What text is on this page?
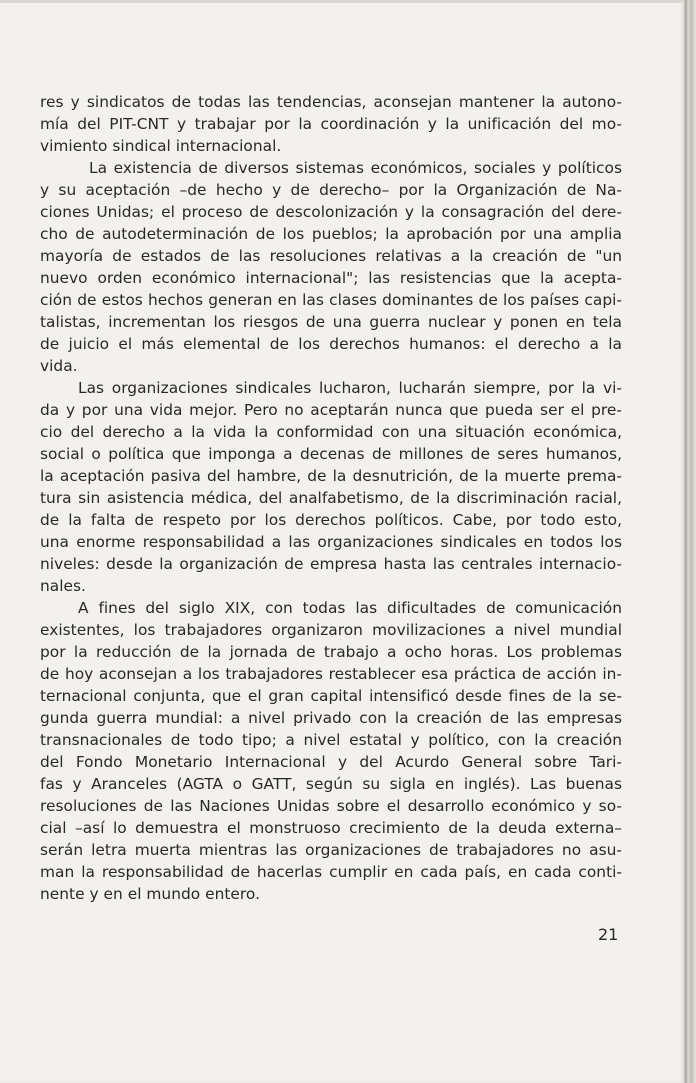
res y sindicatos de todas las tendencias, aconsejan mantener la autono-
mía del PIT-CNT y trabajar por la coordinación y la unificación del mo-
vimiento sindical internacional.
La existencia de diversos sistemas económicos, sociales y políticos
y su aceptación –de hecho y de derecho– por la Organización de Na-
ciones Unidas; el proceso de descolonización y la consagración del dere-
cho de autodeterminación de los pueblos; la aprobación por una amplia
mayoría de estados de las resoluciones relativas a la creación de "un
nuevo orden económico internacional"; las resistencias que la acepta-
ción de estos hechos generan en las clases dominantes de los países capi-
talistas, incrementan los riesgos de una guerra nuclear y ponen en tela
de juicio el más elemental de los derechos humanos: el derecho a la
vida.
Las organizaciones sindicales lucharon, lucharán siempre, por la vi-
da y por una vida mejor. Pero no aceptarán nunca que pueda ser el pre-
cio del derecho a la vida la conformidad con una situación económica,
social o política que imponga a decenas de millones de seres humanos,
la aceptación pasiva del hambre, de la desnutrición, de la muerte prema-
tura sin asistencia médica, del analfabetismo, de la discriminación racial,
de la falta de respeto por los derechos políticos. Cabe, por todo esto,
una enorme responsabilidad a las organizaciones sindicales en todos los
niveles: desde la organización de empresa hasta las centrales internacio-
nales.
A fines del siglo XIX, con todas las dificultades de comunicación
existentes, los trabajadores organizaron movilizaciones a nivel mundial
por la reducción de la jornada de trabajo a ocho horas. Los problemas
de hoy aconsejan a los trabajadores restablecer esa práctica de acción in-
ternacional conjunta, que el gran capital intensificó desde fines de la se-
gunda guerra mundial: a nivel privado con la creación de las empresas
transnacionales de todo tipo; a nivel estatal y político, con la creación
del Fondo Monetario Internacional y del Acurdo General sobre Tari-
fas y Aranceles (AGTA o GATT, según su sigla en inglés). Las buenas
resoluciones de las Naciones Unidas sobre el desarrollo económico y so-
cial –así lo demuestra el monstruoso crecimiento de la deuda externa–
serán letra muerta mientras las organizaciones de trabajadores no asu-
man la responsabilidad de hacerlas cumplir en cada país, en cada conti-
nente y en el mundo entero.
21
